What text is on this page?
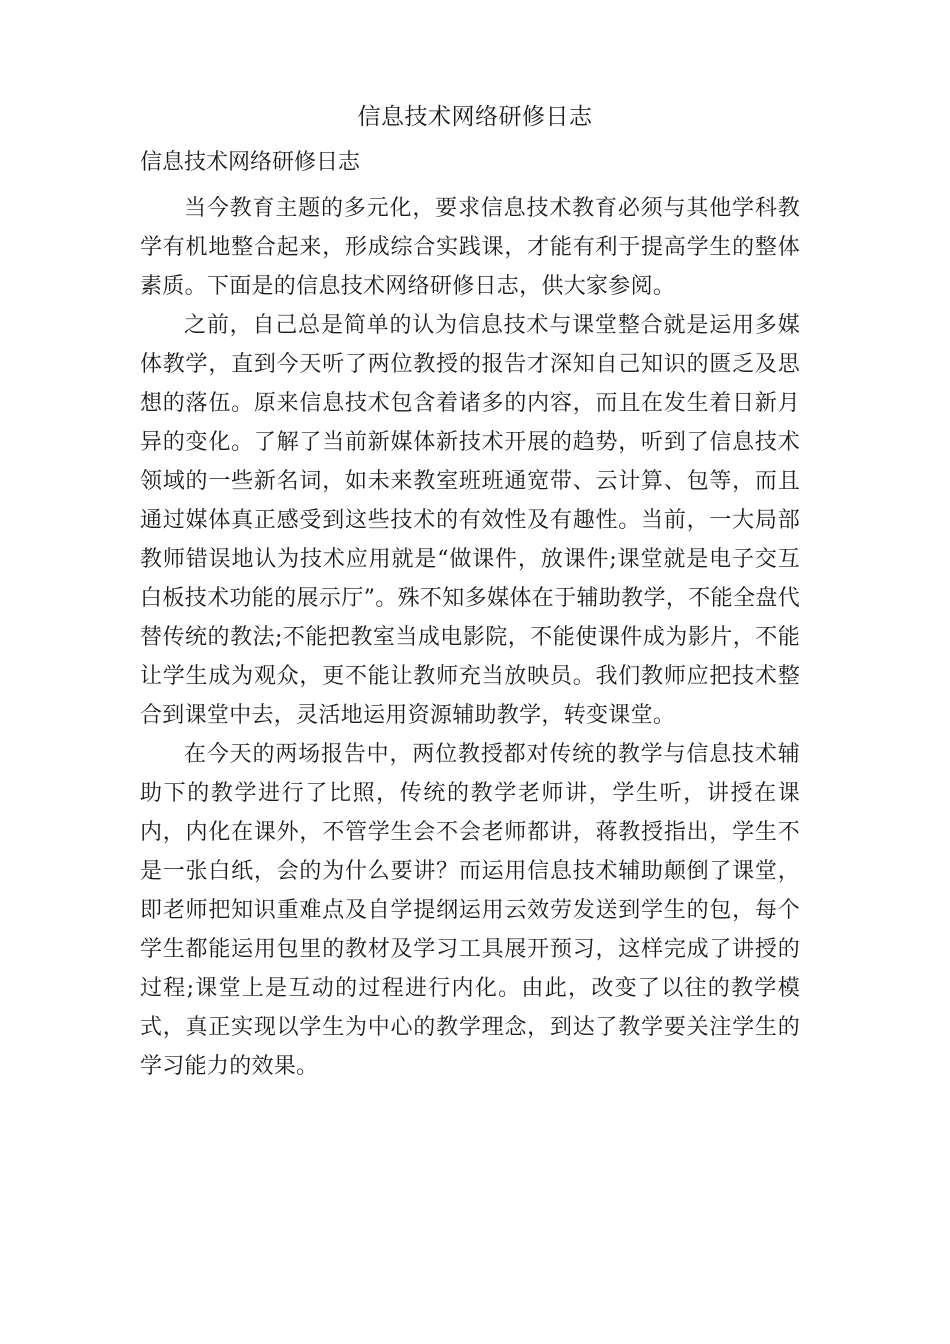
信息技术网络研修日志
信息技术网络研修日志

当今教育主题的多元化，要求信息技术教育必须与其他学科教学有机地整合起来，形成综合实践课，才能有利于提高学生的整体素质。下面是的信息技术网络研修日志，供大家参阅。

之前，自己总是简单的认为信息技术与课堂整合就是运用多媒体教学，直到今天听了两位教授的报告才深知自己知识的匮乏及思想的落伍。原来信息技术包含着诸多的内容，而且在发生着日新月异的变化。了解了当前新媒体新技术开展的趋势，听到了信息技术领域的一些新名词，如未来教室班班通宽带、云计算、包等，而且通过媒体真正感受到这些技术的有效性及有趣性。当前，一大局部教师错误地认为技术应用就是“做课件，放课件;课堂就是电子交互白板技术功能的展示厅”。殊不知多媒体在于辅助教学，不能全盘代替传统的教法;不能把教室当成电影院，不能使课件成为影片，不能让学生成为观众，更不能让教师充当放映员。我们教师应把技术整合到课堂中去，灵活地运用资源辅助教学，转变课堂。

在今天的两场报告中，两位教授都对传统的教学与信息技术辅助下的教学进行了比照，传统的教学老师讲，学生听，讲授在课内，内化在课外，不管学生会不会老师都讲，蒋教授指出，学生不是一张白纸，会的为什么要讲？而运用信息技术辅助颠倒了课堂，即老师把知识重难点及自学提纲运用云效劳发送到学生的包，每个学生都能运用包里的教材及学习工具展开预习，这样完成了讲授的过程;课堂上是互动的过程进行内化。由此，改变了以往的教学模式，真正实现以学生为中心的教学理念，到达了教学要关注学生的学习能力的效果。
